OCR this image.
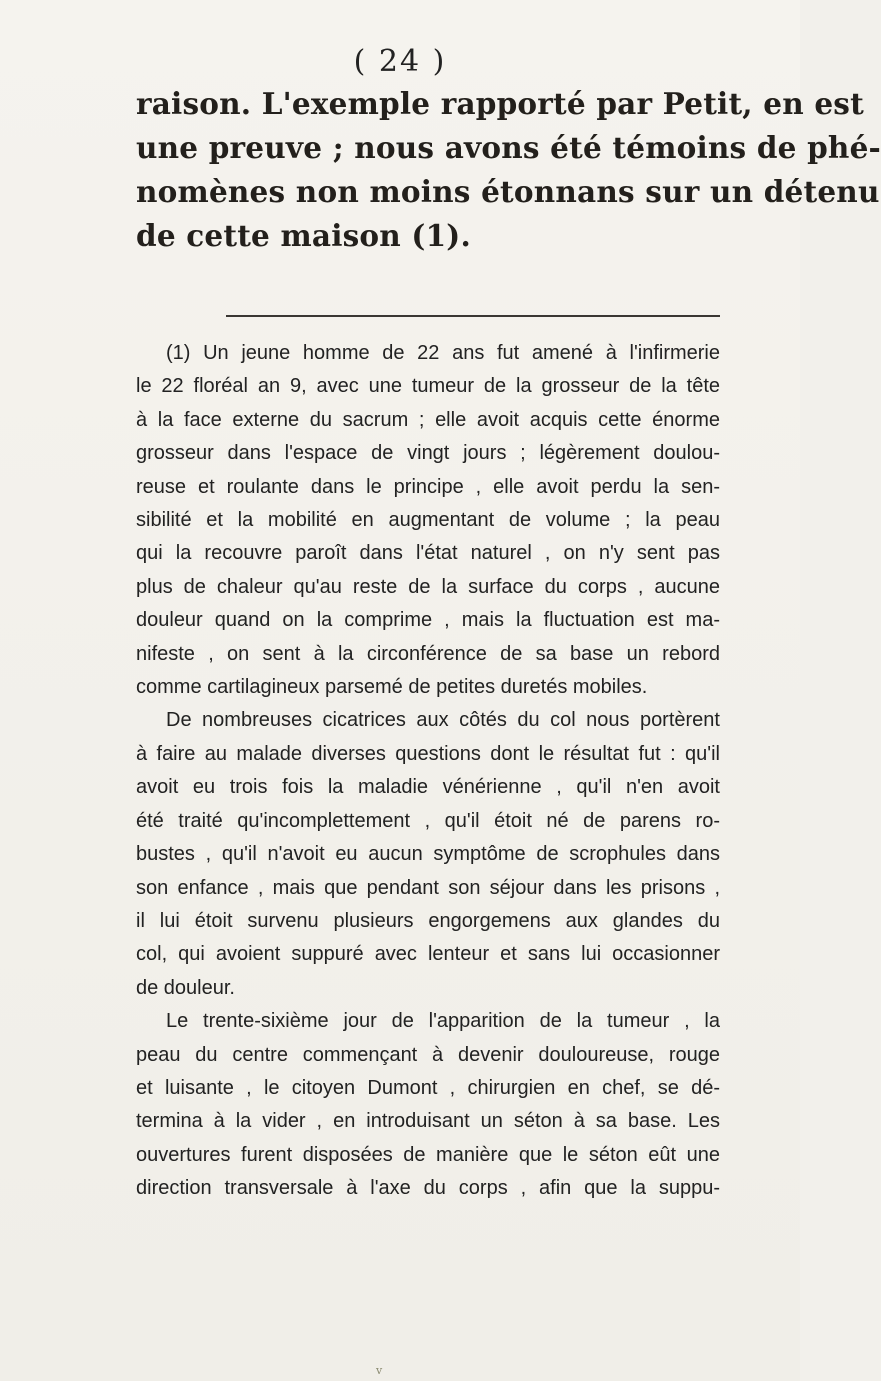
( 24 )

raison. L'exemple rapporté par Petit, en est
une preuve ; nous avons été témoins de phé-
nomènes non moins étonnans sur un détenu
de cette maison (1).

(1) Un jeune homme de 22 ans fut amené à l'infirmerie
le 22 floréal an 9, avec une tumeur de la grosseur de la tête
à la face externe du sacrum ; elle avoit acquis cette énorme
grosseur dans l'espace de vingt jours ; légèrement doulou-
reuse et roulante dans le principe , elle avoit perdu la sen-
sibilité et la mobilité en augmentant de volume ; la peau
qui la recouvre paroît dans l'état naturel , on n'y sent pas
plus de chaleur qu'au reste de la surface du corps , aucune
douleur quand on la comprime , mais la fluctuation est ma-
nifeste , on sent à la circonférence de sa base un rebord
comme cartilagineux parsemé de petites duretés mobiles.
De nombreuses cicatrices aux côtés du col nous portèrent
à faire au malade diverses questions dont le résultat fut : qu'il
avoit eu trois fois la maladie vénérienne , qu'il n'en avoit
été traité qu'incomplettement , qu'il étoit né de parens ro-
bustes , qu'il n'avoit eu aucun symptôme de scrophules dans
son enfance , mais que pendant son séjour dans les prisons ,
il lui étoit survenu plusieurs engorgemens aux glandes du
col, qui avoient suppuré avec lenteur et sans lui occasionner
de douleur.
Le trente-sixième jour de l'apparition de la tumeur , la
peau du centre commençant à devenir douloureuse, rouge
et luisante , le citoyen Dumont , chirurgien en chef, se dé-
termina à la vider , en introduisant un séton à sa base. Les
ouvertures furent disposées de manière que le séton eût une
direction transversale à l'axe du corps , afin que la suppu-

v
